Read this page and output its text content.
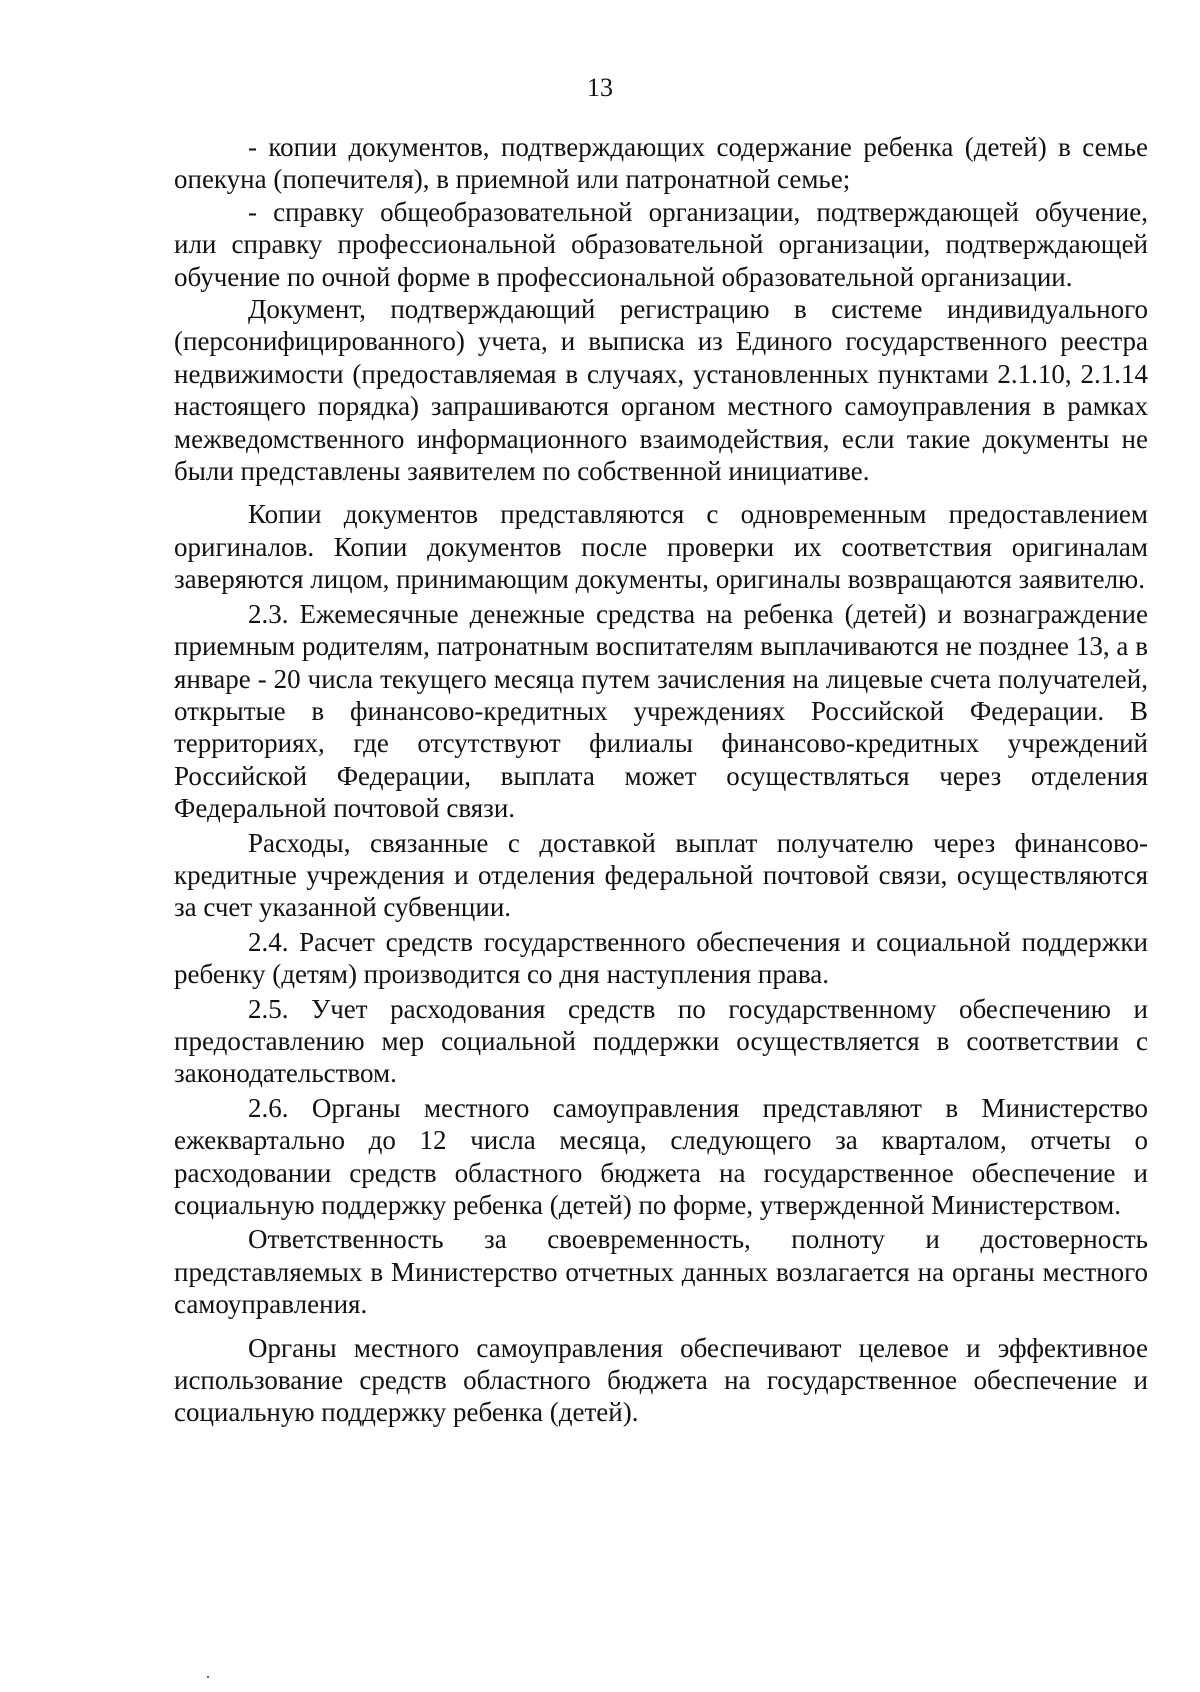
13

- копии документов, подтверждающих содержание ребенка (детей) в семье опекуна (попечителя), в приемной или патронатной семье;

- справку общеобразовательной организации, подтверждающей обучение, или справку профессиональной образовательной организации, подтверждающей обучение по очной форме в профессиональной образовательной организации.

Документ, подтверждающий регистрацию в системе индивидуального (персонифицированного) учета, и выписка из Единого государственного реестра недвижимости (предоставляемая в случаях, установленных пунктами 2.1.10, 2.1.14 настоящего порядка) запрашиваются органом местного самоуправления в рамках межведомственного информационного взаимодействия, если такие документы не были представлены заявителем по собственной инициативе.

Копии документов представляются с одновременным предоставлением оригиналов. Копии документов после проверки их соответствия оригиналам заверяются лицом, принимающим документы, оригиналы возвращаются заявителю.

2.3. Ежемесячные денежные средства на ребенка (детей) и вознаграждение приемным родителям, патронатным воспитателям выплачиваются не позднее 13, а в январе - 20 числа текущего месяца путем зачисления на лицевые счета получателей, открытые в финансово-кредитных учреждениях Российской Федерации. В территориях, где отсутствуют филиалы финансово-кредитных учреждений Российской Федерации, выплата может осуществляться через отделения Федеральной почтовой связи.

Расходы, связанные с доставкой выплат получателю через финансово-кредитные учреждения и отделения федеральной почтовой связи, осуществляются за счет указанной субвенции.

2.4. Расчет средств государственного обеспечения и социальной поддержки ребенку (детям) производится со дня наступления права.

2.5. Учет расходования средств по государственному обеспечению и предоставлению мер социальной поддержки осуществляется в соответствии с законодательством.

2.6. Органы местного самоуправления представляют в Министерство ежеквартально до 12 числа месяца, следующего за кварталом, отчеты о расходовании средств областного бюджета на государственное обеспечение и социальную поддержку ребенка (детей) по форме, утвержденной Министерством.

Ответственность за своевременность, полноту и достоверность представляемых в Министерство отчетных данных возлагается на органы местного самоуправления.

Органы местного самоуправления обеспечивают целевое и эффективное использование средств областного бюджета на государственное обеспечение и социальную поддержку ребенка (детей).
